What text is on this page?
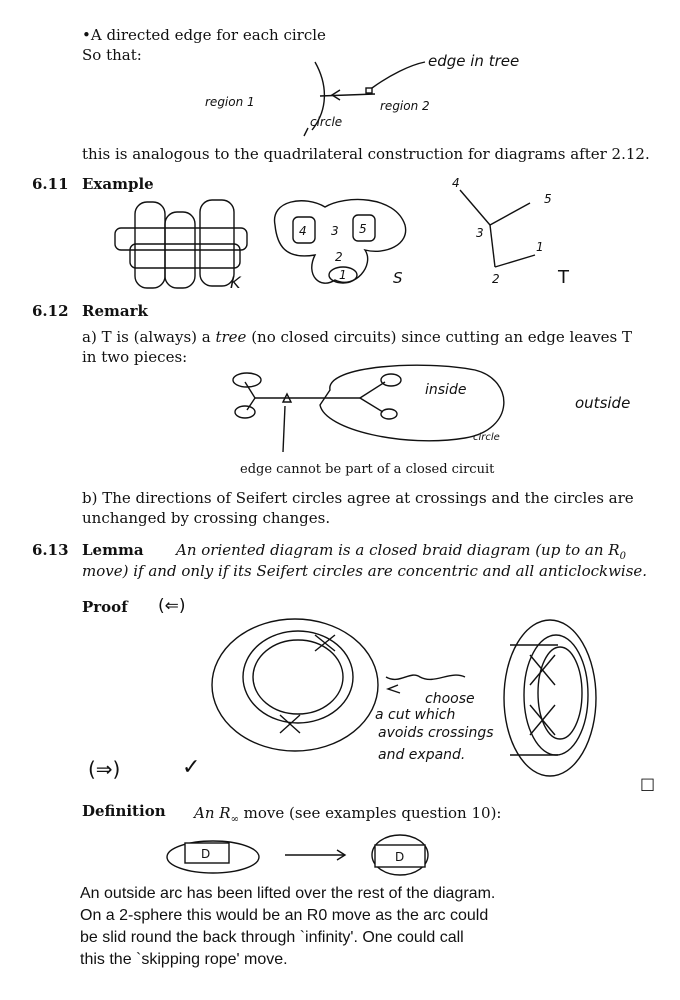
•A directed edge for each circle
So that:
region 1	region 2
circle
edge in tree
this is analogous to the quadrilateral construction for diagrams after 2.12.
6.11 Example
K
4 3 5
2
1	S
4
5
3
2
1
T
6.12 Remark
a) T is (always) a tree (no closed circuits) since cutting an edge leaves T
in two pieces:
inside
outside
circle
edge cannot be part of a closed circuit
b) The directions of Seifert circles agree at crossings and the circles are
unchanged by crossing changes.
6.13 Lemma An oriented diagram is a closed braid diagram (up to an $R_0$
move) if and only if its Seifert circles are concentric and all anticlockwise.
Proof (⇐)
choose
a cut which
avoids crossings
and expand.
(⇒)	✓
□
Definition An $R_\infty$ move (see examples question 10):
D	D
An outside arc has been lifted over the rest of the diagram.
On a 2-sphere this would be an R0 move as the arc could
be slid round the back through `infinity'. One could call
this the `skipping rope' move.
